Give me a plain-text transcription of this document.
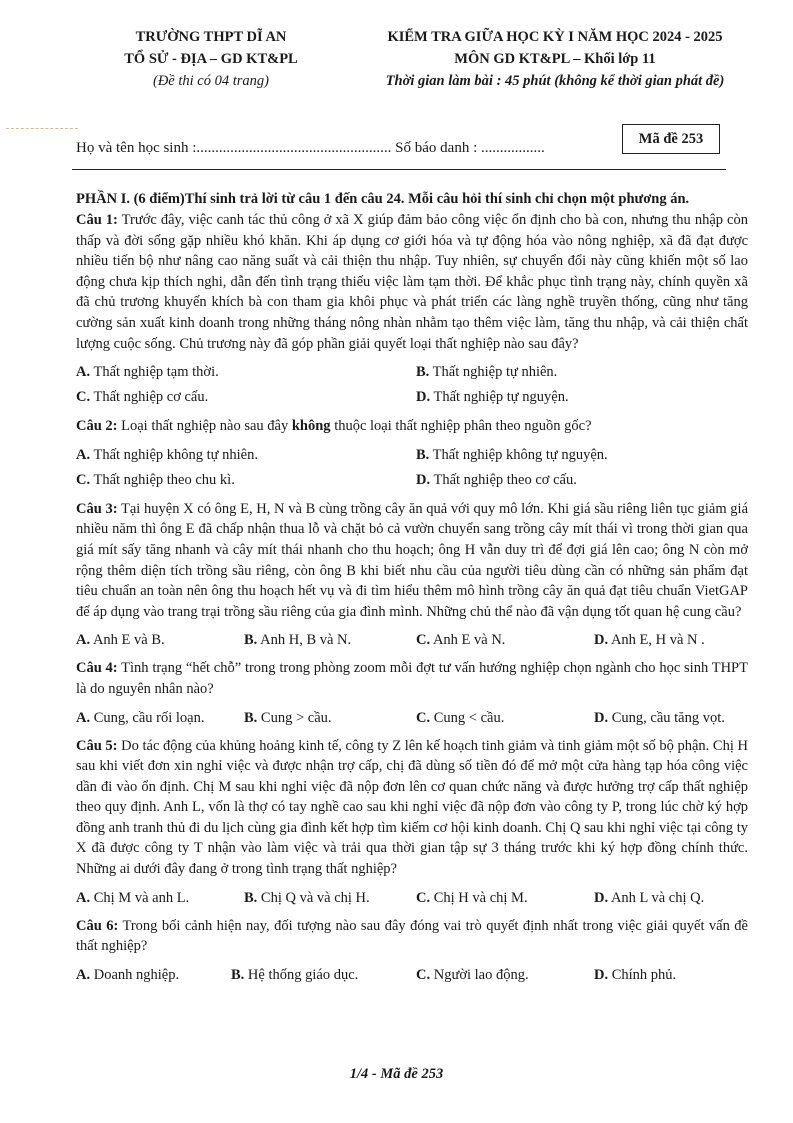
TRƯỜNG THPT DĨ AN
TỔ SỬ - ĐỊA – GD KT&PL
(Đề thi có 04 trang)
KIỂM TRA GIỮA HỌC KỲ I NĂM HỌC 2024 - 2025
MÔN GD KT&PL – Khối lớp 11
Thời gian làm bài : 45 phút (không kể thời gian phát đề)
Họ và tên học sinh :.................................................... Số báo danh : .................
Mã đề 253

PHẦN I. (6 điểm)Thí sinh trả lời từ câu 1 đến câu 24. Mỗi câu hỏi thí sinh chỉ chọn một phương án.

Câu 1: Trước đây, việc canh tác thủ công ở xã X giúp đảm bảo công việc ổn định cho bà con, nhưng thu nhập còn thấp và đời sống gặp nhiều khó khăn. Khi áp dụng cơ giới hóa và tự động hóa vào nông nghiệp, xã đã đạt được nhiều tiến bộ như nâng cao năng suất và cải thiện thu nhập. Tuy nhiên, sự chuyển đổi này cũng khiến một số lao động chưa kịp thích nghi, dẫn đến tình trạng thiếu việc làm tạm thời. Để khắc phục tình trạng này, chính quyền xã đã chủ trương khuyến khích bà con tham gia khôi phục và phát triển các làng nghề truyền thống, cũng như tăng cường sản xuất kinh doanh trong những tháng nông nhàn nhằm tạo thêm việc làm, tăng thu nhập, và cải thiện chất lượng cuộc sống. Chủ trương này đã góp phần giải quyết loại thất nghiệp nào sau đây?

A. Thất nghiệp tạm thời.	B. Thất nghiệp tự nhiên.
C. Thất nghiệp cơ cấu.	D. Thất nghiệp tự nguyện.

Câu 2: Loại thất nghiệp nào sau đây không thuộc loại thất nghiệp phân theo nguồn gốc?

A. Thất nghiệp không tự nhiên.	B. Thất nghiệp không tự nguyện.
C. Thất nghiệp theo chu kì.	D. Thất nghiệp theo cơ cấu.

Câu 3: Tại huyện X có ông E, H, N và B cùng trồng cây ăn quả với quy mô lớn. Khi giá sầu riêng liên tục giảm giá nhiều năm thì ông E đã chấp nhận thua lỗ và chặt bỏ cả vườn chuyển sang trồng cây mít thái vì trong thời gian qua giá mít sấy tăng nhanh và cây mít thái nhanh cho thu hoạch; ông H vẫn duy trì để đợi giá lên cao; ông N còn mở rộng thêm diện tích trồng sầu riêng, còn ông B khi biết nhu cầu của người tiêu dùng cần có những sản phẩm đạt tiêu chuẩn an toàn nên ông thu hoạch hết vụ và đi tìm hiểu thêm mô hình trồng cây ăn quả đạt tiêu chuẩn VietGAP để áp dụng vào trang trại trồng sầu riêng của gia đình mình. Những chủ thể nào đã vận dụng tốt quan hệ cung cầu?

A. Anh E và B.	B. Anh H, B và N.	C. Anh E và N.	D. Anh E, H và N .

Câu 4: Tình trạng “hết chỗ” trong trong phòng zoom mỗi đợt tư vấn hướng nghiệp chọn ngành cho học sinh THPT là do nguyên nhân nào?

A. Cung, cầu rối loạn.	B. Cung > cầu.	C. Cung < cầu.	D. Cung, cầu tăng vọt.

Câu 5: Do tác động của khủng hoảng kinh tế, công ty Z lên kế hoạch tinh giảm và tinh giảm một số bộ phận. Chị H sau khi viết đơn xin nghỉ việc và được nhận trợ cấp, chị đã dùng số tiền đó để mở một cửa hàng tạp hóa công việc dần đi vào ổn định. Chị M sau khi nghỉ việc đã nộp đơn lên cơ quan chức năng và được hưởng trợ cấp thất nghiệp theo quy định. Anh L, vốn là thợ có tay nghề cao sau khi nghỉ việc đã nộp đơn vào công ty P, trong lúc chờ ký hợp đồng anh tranh thủ đi du lịch cùng gia đình kết hợp tìm kiếm cơ hội kinh doanh. Chị Q sau khi nghỉ việc tại công ty X đã được công ty T nhận vào làm việc và trải qua thời gian tập sự 3 tháng trước khi ký hợp đồng chính thức. Những ai dưới đây đang ở trong tình trạng thất nghiệp?

A. Chị M và anh L.	B. Chị Q và và chị H.	C. Chị H và chị M.	D. Anh L và chị Q.

Câu 6: Trong bối cảnh hiện nay, đối tượng nào sau đây đóng vai trò quyết định nhất trong việc giải quyết vấn đề thất nghiệp?

A. Doanh nghiệp.	B. Hệ thống giáo dục.	C. Người lao động.	D. Chính phủ.
1/4 - Mã đề 253
